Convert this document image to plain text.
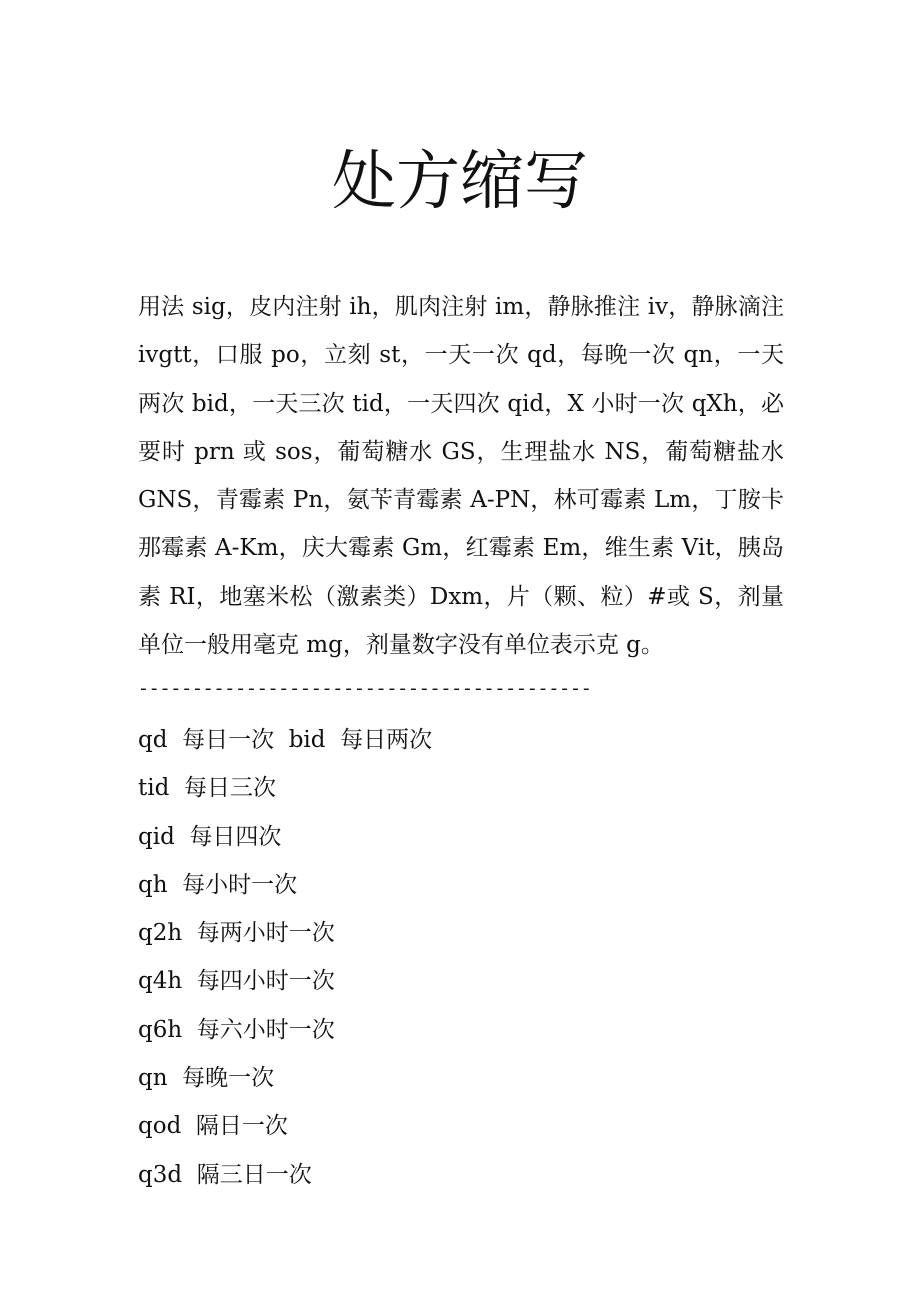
处方缩写

用法 sig，皮内注射 ih，肌肉注射 im，静脉推注 iv，静脉滴注 ivgtt，口服 po，立刻 st，一天一次 qd，每晚一次 qn，一天两次 bid，一天三次 tid，一天四次 qid，X 小时一次 qXh，必要时 prn 或 sos，葡萄糖水 GS，生理盐水 NS，葡萄糖盐水 GNS，青霉素 Pn，氨苄青霉素 A-PN，林可霉素 Lm，丁胺卡那霉素 A-Km，庆大霉素 Gm，红霉素 Em，维生素 Vit，胰岛素 RI，地塞米松（激素类）Dxm，片（颗、粒）#或 S，剂量单位一般用毫克 mg，剂量数字没有单位表示克 g。

------------------------------------------
qd  每日一次  bid  每日两次
tid  每日三次
qid  每日四次
qh  每小时一次
q2h  每两小时一次
q4h  每四小时一次
q6h  每六小时一次
qn  每晚一次
qod  隔日一次
q3d  隔三日一次
